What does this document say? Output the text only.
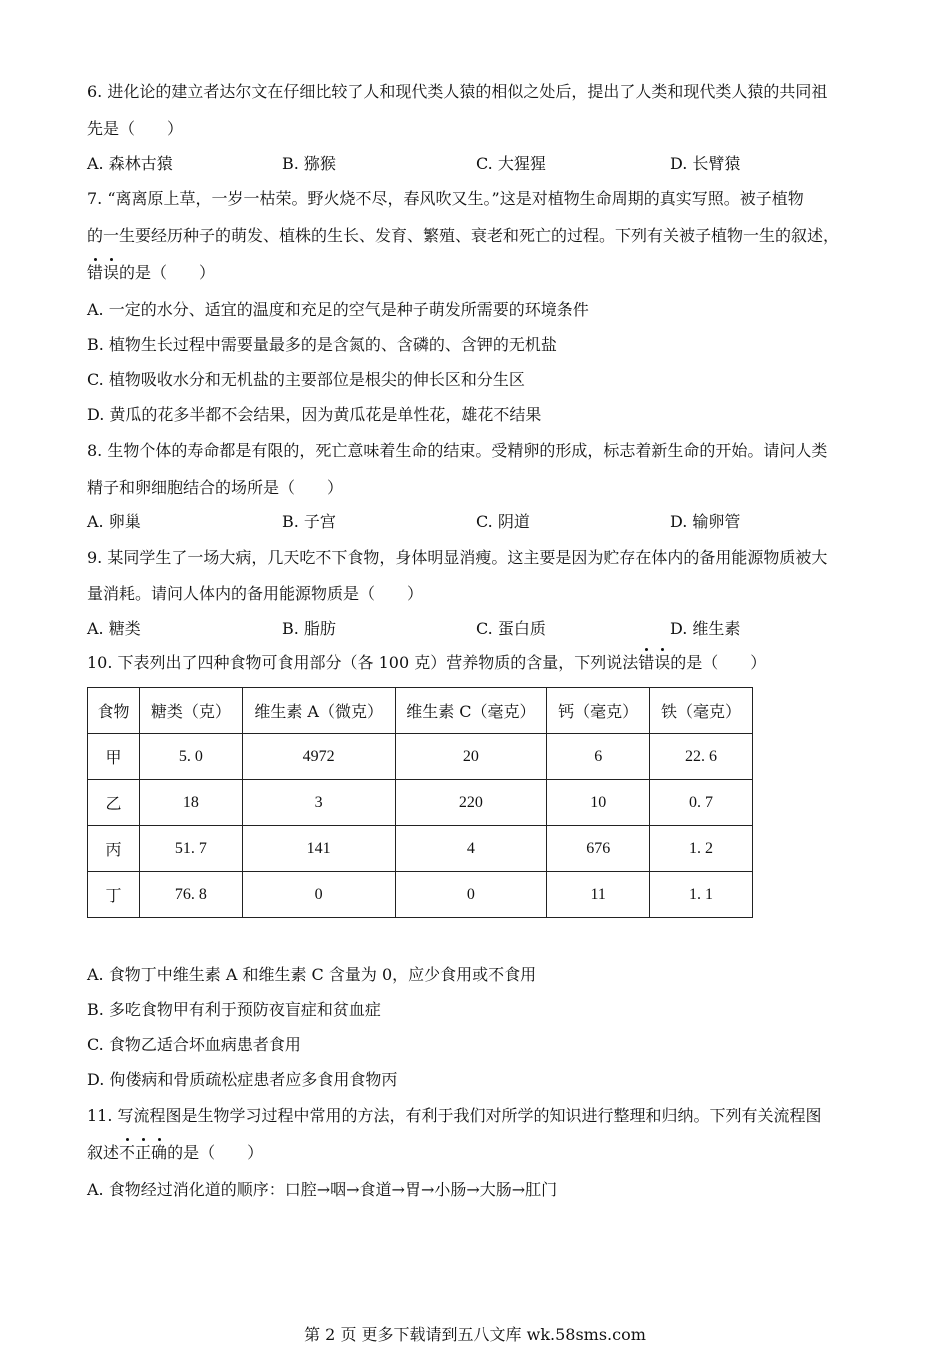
6. 进化论的建立者达尔文在仔细比较了人和现代类人猿的相似之处后，提出了人类和现代类人猿的共同祖
先是（　　）
A. 森林古猿	B. 猕猴	C. 大猩猩	D. 长臂猿
7. “离离原上草，一岁一枯荣。野火烧不尽，春风吹又生。”这是对植物生命周期的真实写照。被子植物
的一生要经历种子的萌发、植株的生长、发育、繁殖、衰老和死亡的过程。下列有关被子植物一生的叙述，
错误的是（　　）
A. 一定的水分、适宜的温度和充足的空气是种子萌发所需要的环境条件
B. 植物生长过程中需要量最多的是含氮的、含磷的、含钾的无机盐
C. 植物吸收水分和无机盐的主要部位是根尖的伸长区和分生区
D. 黄瓜的花多半都不会结果，因为黄瓜花是单性花，雄花不结果
8. 生物个体的寿命都是有限的，死亡意味着生命的结束。受精卵的形成，标志着新生命的开始。请问人类
精子和卵细胞结合的场所是（　　）
A. 卵巢	B. 子宫	C. 阴道	D. 输卵管
9. 某同学生了一场大病，几天吃不下食物，身体明显消瘦。这主要是因为贮存在体内的备用能源物质被大
量消耗。请问人体内的备用能源物质是（　　）
A. 糖类	B. 脂肪	C. 蛋白质	D. 维生素
10. 下表列出了四种食物可食用部分（各 100 克）营养物质的含量，下列说法错误的是（　　）
食物	糖类（克）	维生素 A（微克）	维生素 C（毫克）	钙（毫克）	铁（毫克）
甲	5. 0	4972	20	6	22. 6
乙	18	3	220	10	0. 7
丙	51. 7	141	4	676	1. 2
丁	76. 8	0	0	11	1. 1
A. 食物丁中维生素 A 和维生素 C 含量为 0，应少食用或不食用
B. 多吃食物甲有利于预防夜盲症和贫血症
C. 食物乙适合坏血病患者食用
D. 佝偻病和骨质疏松症患者应多食用食物丙
11. 写流程图是生物学习过程中常用的方法，有利于我们对所学的知识进行整理和归纳。下列有关流程图
叙述不正确的是（　　）
A. 食物经过消化道的顺序：口腔→咽→食道→胃→小肠→大肠→肛门
第 2 页 更多下载请到五八文库 wk.58sms.com
